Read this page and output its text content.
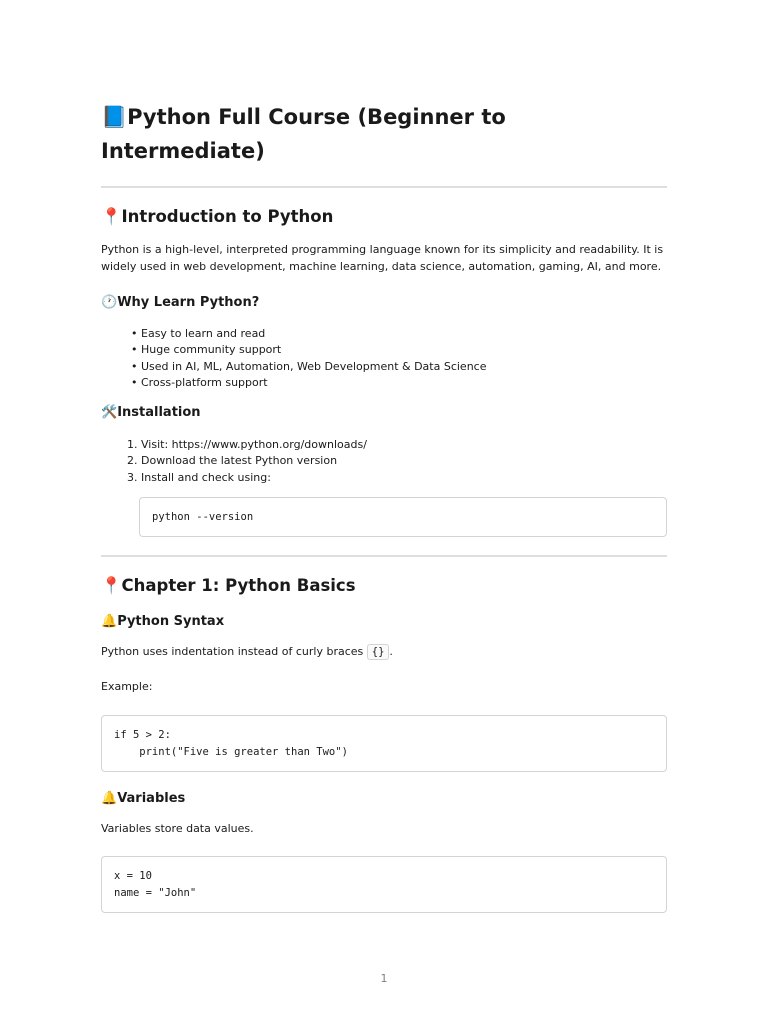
📘Python Full Course (Beginner to Intermediate)
📍Introduction to Python

Python is a high-level, interpreted programming language known for its simplicity and readability. It is widely used in web development, machine learning, data science, automation, gaming, AI, and more.

🕐Why Learn Python?
• Easy to learn and read
• Huge community support
• Used in AI, ML, Automation, Web Development & Data Science
• Cross-platform support
🛠️Installation
1. Visit: https://www.python.org/downloads/
2. Download the latest Python version
3. Install and check using:
python --version
📍Chapter 1: Python Basics
🔔Python Syntax

Python uses indentation instead of curly braces {} .

Example:

if 5 > 2:
print("Five is greater than Two")
🔔Variables

Variables store data values.

x = 10
name = "John"
1
